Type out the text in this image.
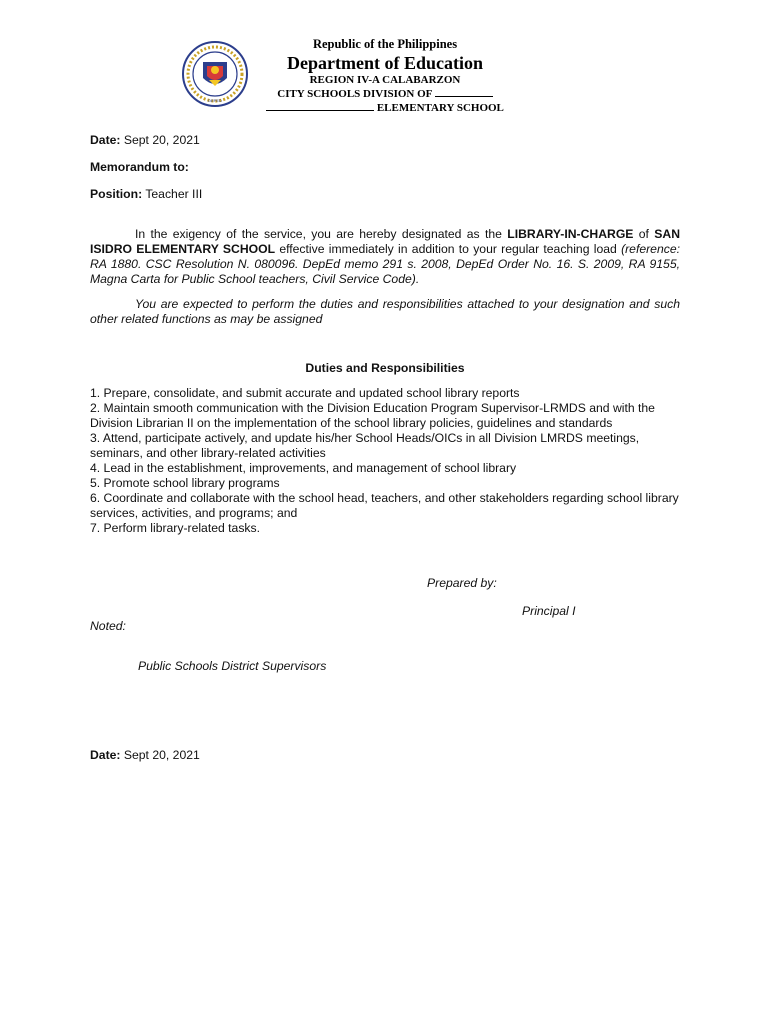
DEPED
Republic of the Philippines
Department of Education
REGION IV-A CALABARZON
CITY SCHOOLS DIVISION OF
ELEMENTARY SCHOOL
Date: Sept 20, 2021
Memorandum to:
Position: Teacher III
In the exigency of the service, you are hereby designated as the LIBRARY-IN-CHARGE of SAN ISIDRO ELEMENTARY SCHOOL effective immediately in addition to your regular teaching load (reference: RA 1880. CSC Resolution N. 080096. DepEd memo 291 s. 2008, DepEd Order No. 16. S. 2009, RA 9155, Magna Carta for Public School teachers, Civil Service Code).
You are expected to perform the duties and responsibilities attached to your designation and such other related functions as may be assigned
Duties and Responsibilities
1. Prepare, consolidate, and submit accurate and updated school library reports
2. Maintain smooth communication with the Division Education Program Supervisor-LRMDS and with the Division Librarian II on the implementation of the school library policies, guidelines and standards
3. Attend, participate actively, and update his/her School Heads/OICs in all Division LMRDS meetings, seminars, and other library-related activities
4. Lead in the establishment, improvements, and management of school library
5. Promote school library programs
6. Coordinate and collaborate with the school head, teachers, and other stakeholders regarding school library services, activities, and programs; and
7. Perform library-related tasks.
Prepared by:
Principal I
Noted:
Public Schools District Supervisors
Date: Sept 20, 2021
